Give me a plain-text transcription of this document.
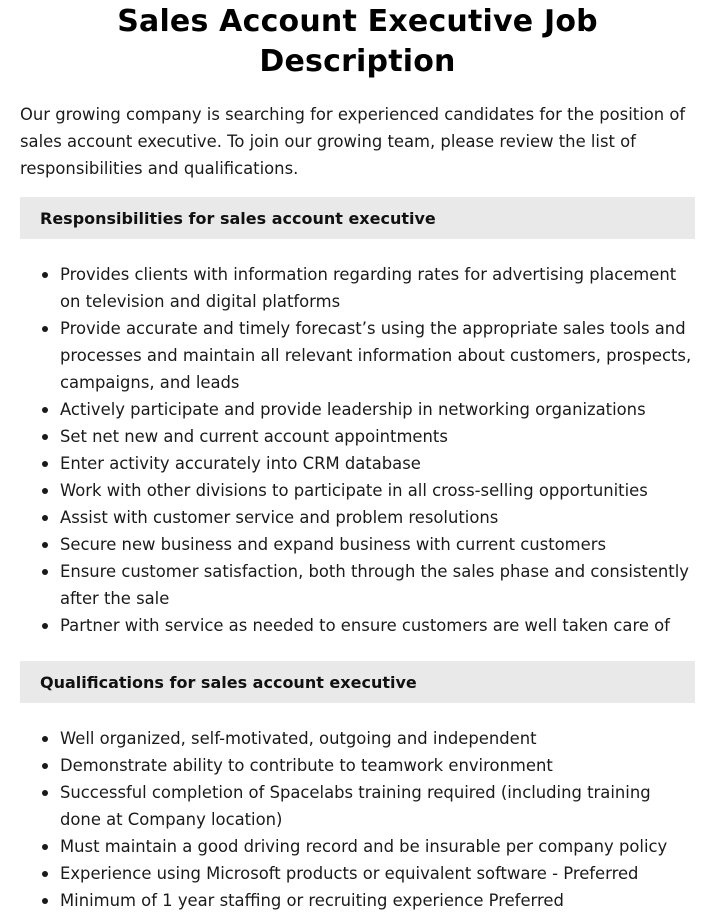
Sales Account Executive Job Description

Our growing company is searching for experienced candidates for the position of sales account executive. To join our growing team, please review the list of responsibilities and qualifications.

Responsibilities for sales account executive
Provides clients with information regarding rates for advertising placement on television and digital platforms
Provide accurate and timely forecast’s using the appropriate sales tools and processes and maintain all relevant information about customers, prospects, campaigns, and leads
Actively participate and provide leadership in networking organizations
Set net new and current account appointments
Enter activity accurately into CRM database
Work with other divisions to participate in all cross-selling opportunities
Assist with customer service and problem resolutions
Secure new business and expand business with current customers
Ensure customer satisfaction, both through the sales phase and consistently after the sale
Partner with service as needed to ensure customers are well taken care of
Qualifications for sales account executive
Well organized, self-motivated, outgoing and independent
Demonstrate ability to contribute to teamwork environment
Successful completion of Spacelabs training required (including training done at Company location)
Must maintain a good driving record and be insurable per company policy
Experience using Microsoft products or equivalent software - Preferred
Minimum of 1 year staffing or recruiting experience Preferred
